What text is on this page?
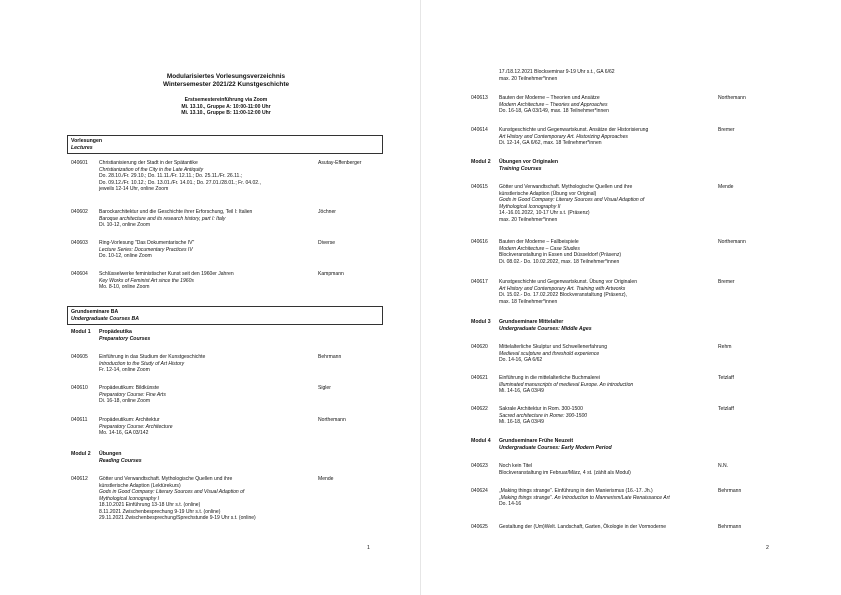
Modularisiertes Vorlesungsverzeichnis
Wintersemester 2021/22 Kunstgeschichte
Erstsemestereinführung via Zoom
Mi. 13.10., Gruppe A: 10:00-11:00 Uhr
Mi. 13.10., Gruppe B: 11:00-12:00 Uhr
Vorlesungen
Lectures
040601 Christianisierung der Stadt in der Spätantike
Christianization of the City in the Late Antiquity
Do. 28.10./Fr. 29.10.; Do. 11.11./Fr. 12.11.; Do. 25.11./Fr. 26.11.;
Do. 09.12./Fr. 10.12.; Do. 13.01./Fr. 14.01.; Do. 27.01./28.01.; Fr. 04.02.,
jeweils 12-14 Uhr, online Zoom
Asutay-Effenberger
040602 Barockarchitektur und die Geschichte ihrer Erforschung, Teil I: Italien
Baroque architecture and its research history, part I: Italy
Di. 10-12, online Zoom
Jöchner
040603 Ring-Vorlesung "Das Dokumentarische IV"
Lecture Series: Documentary Practices IV
Do. 10-12, online Zoom
Diverse
040604 Schlüsselwerke feministischer Kunst seit den 1960er Jahren
Key Works of Feminist Art since the 1960s
Mo. 8-10, online Zoom
Kampmann
Grundseminare BA
Undergraduate Courses BA
Modul 1 Propädeutika
Preparatory Courses
040605 Einführung in das Studium der Kunstgeschichte
Introduction to the Study of Art History
Fr. 12-14, online Zoom
Behrmann
040610 Propädeutikum: Bildkünste
Preparatory Course: Fine Arts
Di. 16-18, online Zoom
Sigler
040611 Propädeutikum: Architektur
Preparatory Course: Architecture
Mo. 14-16, GA 03/142
Northemann
Modul 2 Übungen
Reading Courses
040612 Götter und Verwandtschaft. Mythologische Quellen und ihre
künstlerische Adaption (Lektürekurs)
Gods in Good Company: Literary Sources and Visual Adaption of
Mythological Iconography I
18.10.2021 Einführung 13-18 Uhr s.t. (online)
8.11.2021 Zwischenbesprechung 9-19 Uhr s.t. (online)
29.11.2021 Zwischenbesprechung/Sprechstunde 9-19 Uhr s.t. (online)
Mende
1
17./18.12.2021 Blockseminar 9-19 Uhr s.t., GA 6/62
max. 20 Teilnehmer*innen
040613 Bauten der Moderne – Theorien und Ansätze
Modern Architecture – Theories and Approaches
Do. 16-18, GA 03/149, max. 18 Teilnehmer*innen
Northemann
040614 Kunstgeschichte und Gegenwartskunst. Ansätze der Historisierung
Art History and Contemporary Art. Historizing Approaches
Di. 12-14, GA 6/62, max. 18 Teilnehmer*innen
Bremer
Modul 2 Übungen vor Originalen
Training Courses
040615 Götter und Verwandtschaft. Mythologische Quellen und ihre
künstlerische Adaption (Übung vor Original)
Gods in Good Company: Literary Sources and Visual Adaption of
Mythological Iconography II
14.-16.01.2022, 10-17 Uhr s.t. (Präsenz)
max. 20 Teilnehmer*innen
Mende
040616 Bauten der Moderne – Fallbeispiele
Modern Architecture – Case Studies
Blockveranstaltung in Essen und Düsseldorf (Präsenz)
Di. 08.02.- Do. 10.02.2022, max. 18 Teilnehmer*innen
Northemann
040617 Kunstgeschichte und Gegenwartskunst. Übung vor Originalen
Art History and Contemporary Art. Training with Artworks
Di. 15.02.- Do. 17.02.2022 Blockveranstaltung (Präsenz),
max. 18 Teilnehmer*innen
Bremer
Modul 3 Grundseminare Mittelalter
Undergraduate Courses: Middle Ages
040620 Mittelalterliche Skulptur und Schwellenerfahrung
Medieval sculpture and threshold experience
Do. 14-16, GA 6/62
Rehm
040621 Einführung in die mittelalterliche Buchmalerei
Illuminated manuscripts of medieval Europe. An introduction
Mi. 14-16, GA 03/49
Tetzlaff
040622 Sakrale Architektur in Rom. 300-1500
Sacred architecture in Rome: 300-1500
Mi. 16-18, GA 03/49
Tetzlaff
Modul 4 Grundseminare Frühe Neuzeit
Undergraduate Courses: Early Modern Period
040623 Noch kein Titel
Blockveranstaltung im Februar/März, 4 st. (zählt als Modul)
N.N.
040624 „Making things strange“. Einführung in den Manierismus (16.-17. Jh.)
„Making things strange“. An Introduction to Mannerism/Late Renaissance Art
Do. 14-16
Behrmann
040625 Gestaltung der (Um)Welt. Landschaft, Garten, Ökologie in der Vormoderne	Behrmann
2
